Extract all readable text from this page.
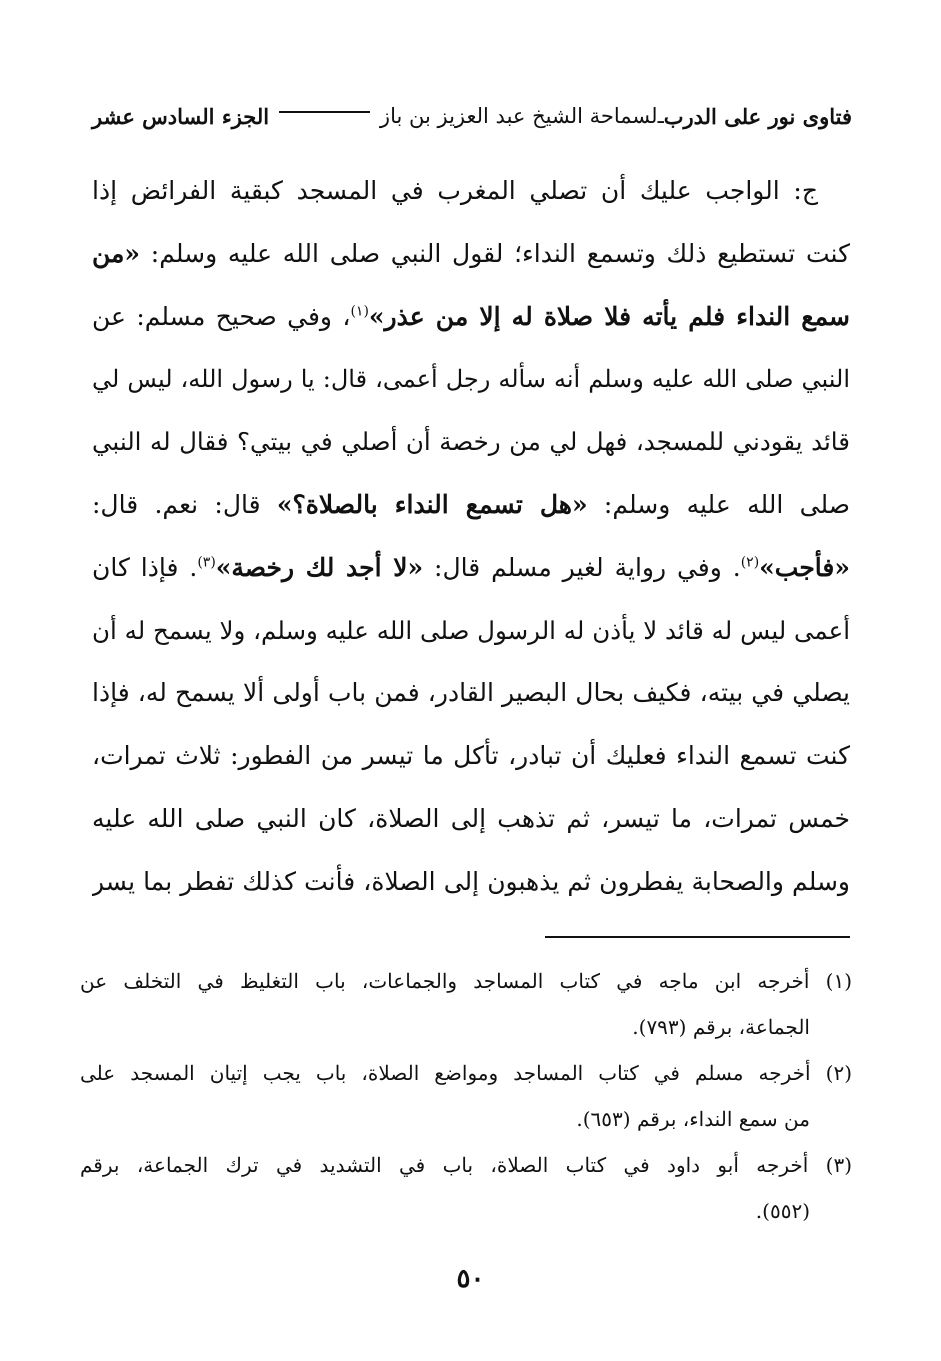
فتاوى نور على الدرب
ـ
لسماحة الشيخ عبد العزيز بن باز
الجزء السادس عشر
ج: الواجب عليك أن تصلي المغرب في المسجد كبقية الفرائض إذا
كنت تستطيع ذلك وتسمع النداء؛ لقول النبي صلى الله عليه وسلم: «من
سمع النداء فلم يأته فلا صلاة له إلا من عذر»$^{(١)}$، وفي صحيح مسلم: عن
النبي صلى الله عليه وسلم أنه سأله رجل أعمى، قال: يا رسول الله، ليس لي
قائد يقودني للمسجد، فهل لي من رخصة أن أصلي في بيتي؟ فقال له النبي
صلى الله عليه وسلم: «هل تسمع النداء بالصلاة؟» قال: نعم. قال:
«فأجب»$^{(٢)}$. وفي رواية لغير مسلم قال: «لا أجد لك رخصة»$^{(٣)}$. فإذا كان
أعمى ليس له قائد لا يأذن له الرسول صلى الله عليه وسلم، ولا يسمح له أن
يصلي في بيته، فكيف بحال البصير القادر، فمن باب أولى ألا يسمح له، فإذا
كنت تسمع النداء فعليك أن تبادر، تأكل ما تيسر من الفطور: ثلاث تمرات،
خمس تمرات، ما تيسر، ثم تذهب إلى الصلاة، كان النبي صلى الله عليه
وسلم والصحابة يفطرون ثم يذهبون إلى الصلاة، فأنت كذلك تفطر بما يسر
(١) أخرجه ابن ماجه في كتاب المساجد والجماعات، باب التغليظ في التخلف عن
الجماعة، برقم (٧٩٣).
(٢) أخرجه مسلم في كتاب المساجد ومواضع الصلاة، باب يجب إتيان المسجد على
من سمع النداء، برقم (٦٥٣).
(٣) أخرجه أبو داود في كتاب الصلاة، باب في التشديد في ترك الجماعة، برقم
(٥٥٢).
٥٠
